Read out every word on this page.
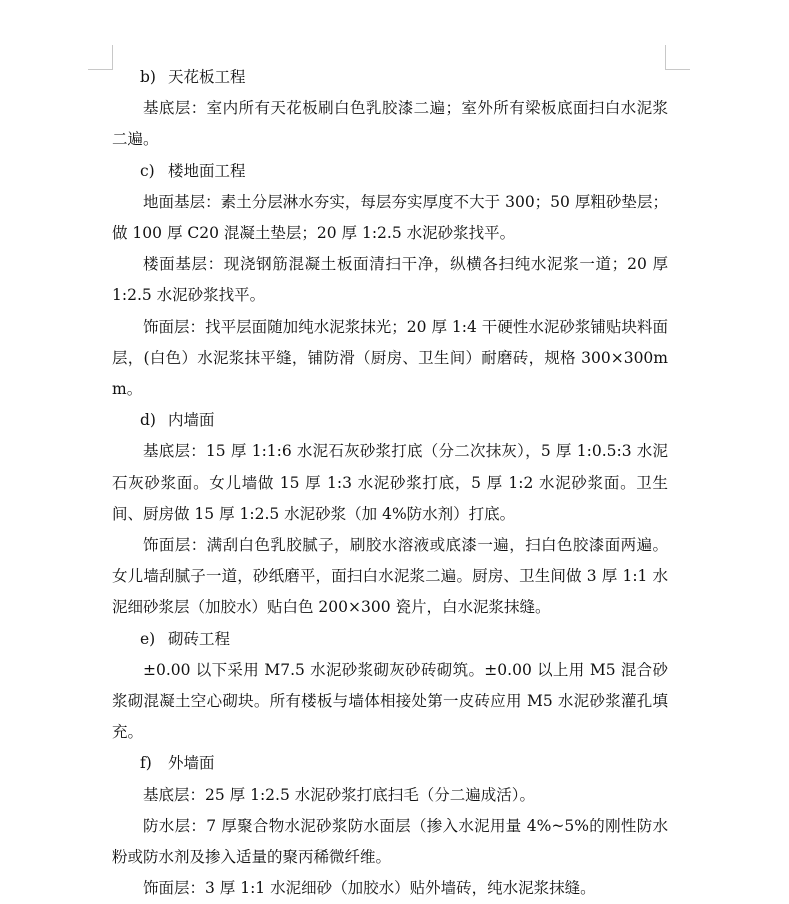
b) 天花板工程

基底层：室内所有天花板刷白色乳胶漆二遍；室外所有梁板底面扫白水泥浆二遍。

c) 楼地面工程

地面基层：素土分层淋水夯实，每层夯实厚度不大于 300；50 厚粗砂垫层；做 100 厚 C20 混凝土垫层；20 厚 1:2.5 水泥砂浆找平。

楼面基层：现浇钢筋混凝土板面清扫干净，纵横各扫纯水泥浆一道；20 厚 1:2.5 水泥砂浆找平。

饰面层：找平层面随加纯水泥浆抹光；20 厚 1:4 干硬性水泥砂浆铺贴块料面层，(白色）水泥浆抹平缝，铺防滑（厨房、卫生间）耐磨砖，规格 300×300mm。

d) 内墙面

基底层：15 厚 1:1:6 水泥石灰砂浆打底（分二次抹灰），5 厚 1:0.5:3 水泥石灰砂浆面。女儿墙做 15 厚 1:3 水泥砂浆打底，5 厚 1:2 水泥砂浆面。卫生间、厨房做 15 厚 1:2.5 水泥砂浆（加 4%防水剂）打底。

饰面层：满刮白色乳胶腻子，刷胶水溶液或底漆一遍，扫白色胶漆面两遍。女儿墙刮腻子一道，砂纸磨平，面扫白水泥浆二遍。厨房、卫生间做 3 厚 1:1 水泥细砂浆层（加胶水）贴白色 200×300 瓷片，白水泥浆抹缝。

e) 砌砖工程

±0.00 以下采用 M7.5 水泥砂浆砌灰砂砖砌筑。±0.00 以上用 M5 混合砂浆砌混凝土空心砌块。所有楼板与墙体相接处第一皮砖应用 M5 水泥砂浆灌孔填充。

f) 外墙面

基底层：25 厚 1:2.5 水泥砂浆打底扫毛（分二遍成活）。

防水层：7 厚聚合物水泥砂浆防水面层（掺入水泥用量 4%~5%的刚性防水粉或防水剂及掺入适量的聚丙稀微纤维。

饰面层：3 厚 1:1 水泥细砂（加胶水）贴外墙砖，纯水泥浆抹缝。
